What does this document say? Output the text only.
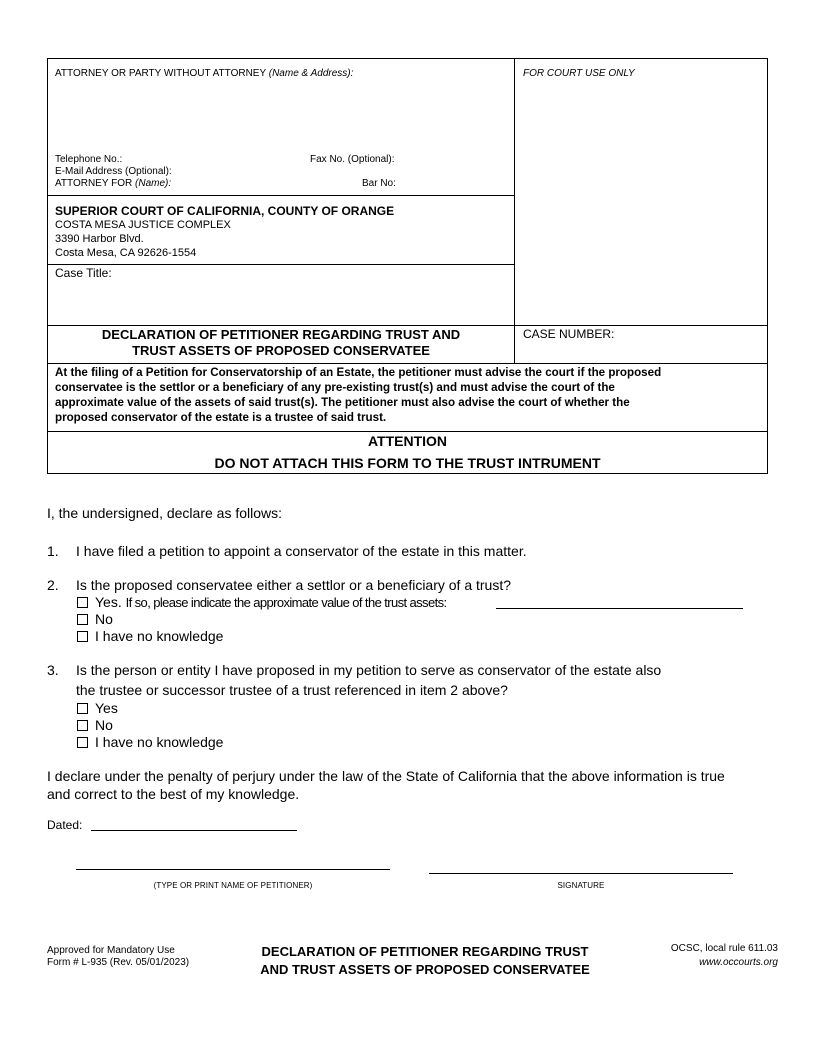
ATTORNEY OR PARTY WITHOUT ATTORNEY (Name & Address):	FOR COURT USE ONLY
Telephone No.:	Fax No. (Optional):
E-Mail Address (Optional):
ATTORNEY FOR (Name):	Bar No:
SUPERIOR COURT OF CALIFORNIA, COUNTY OF ORANGE
COSTA MESA JUSTICE COMPLEX
3390 Harbor Blvd.
Costa Mesa, CA 92626-1554
Case Title:
DECLARATION OF PETITIONER REGARDING TRUST AND
TRUST ASSETS OF PROPOSED CONSERVATEE
CASE NUMBER:
At the filing of a Petition for Conservatorship of an Estate, the petitioner must advise the court if the proposed
conservatee is the settlor or a beneficiary of any pre-existing trust(s) and must advise the court of the
approximate value of the assets of said trust(s). The petitioner must also advise the court of whether the
proposed conservator of the estate is a trustee of said trust.
ATTENTION
DO NOT ATTACH THIS FORM TO THE TRUST INTRUMENT
I, the undersigned, declare as follows:
1. I have filed a petition to appoint a conservator of the estate in this matter.
2. Is the proposed conservatee either a settlor or a beneficiary of a trust?
Yes. If so, please indicate the approximate value of the trust assets:
No
I have no knowledge
3. Is the person or entity I have proposed in my petition to serve as conservator of the estate also
the trustee or successor trustee of a trust referenced in item 2 above?
Yes
No
I have no knowledge
I declare under the penalty of perjury under the law of the State of California that the above information is true
and correct to the best of my knowledge.
Dated:
(TYPE OR PRINT NAME OF PETITIONER)	SIGNATURE
Approved for Mandatory Use
Form # L-935 (Rev. 05/01/2023)
DECLARATION OF PETITIONER REGARDING TRUST
AND TRUST ASSETS OF PROPOSED CONSERVATEE
OCSC, local rule 611.03
www.occourts.org
